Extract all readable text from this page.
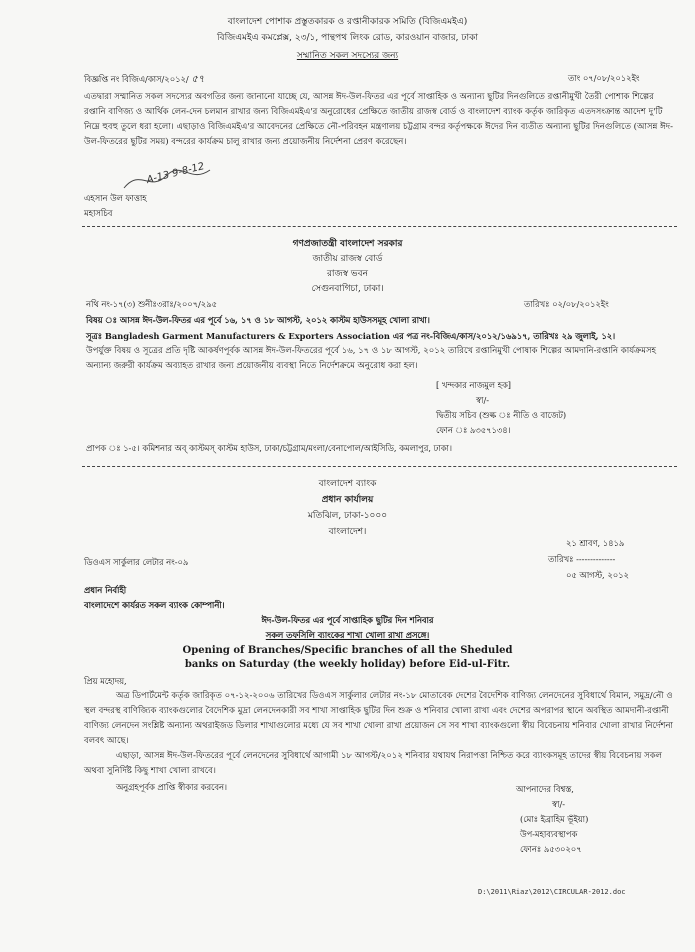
বাংলাদেশ পোশাক প্রস্তুতকারক ও রপ্তানীকারক সমিতি (বিজিএমইএ)
বিজিএমইএ কমপ্লেক্স, ২৩/১, পান্থপথ লিংক রোড, কারওয়ান বাজার, ঢাকা
সম্মানিত সকল সদস্যের জন্য
বিজ্ঞপ্তি নং বিজিএ/কাস/২০১২/ ৫৭	তাং ০৭/০৮/২০১২ইং
এতদ্বারা সম্মানিত সকল সদস্যের অবগতির জন্য জানানো যাচ্ছে যে, আসন্ন ঈদ-উল-ফিতর এর পূর্বে সাপ্তাহিক ও অন্যান্য ছুটির দিনগুলিতে রপ্তানীমুখী তৈরী পোশাক শিল্পের রপ্তানি বাণিজ্য ও আর্থিক লেন-দেন চলমান রাখার জন্য বিজিএমইএ'র অনুরোধের প্রেক্ষিতে জাতীয় রাজস্ব বোর্ড ও বাংলাদেশ ব্যাংক কর্তৃক জারিকৃত এতদসংক্রান্ত আদেশ দু'টি নিম্নে হুবহু তুলে ধরা হলো। এছাড়াও বিজিএমইএ'র আবেদনের প্রেক্ষিতে নৌ-পরিবহন মন্ত্রণালয় চট্টগ্রাম বন্দর কর্তৃপক্ষকে ঈদের দিন ব্যতীত অন্যান্য ছুটির দিনগুলিতে (আসন্ন ঈদ-উল-ফিতরের ছুটির সময়) বন্দরের কার্যক্রম চালু রাখার জন্য প্রয়োজনীয় নির্দেশনা প্রেরণ করেছেন।
A-13 9-8-12
এহসান উল ফাত্তাহ
মহাসচিব
গণপ্রজাতন্ত্রী বাংলাদেশ সরকার
জাতীয় রাজস্ব বোর্ড
রাজস্ব ভবন
সেগুনবাগিচা, ঢাকা।
নথি নং-১৭(৩) শুনীঃ৩রাঃ/২০০৭/২৯৫	তারিখঃ ০২/০৮/২০১২ইং
বিষয় ঃ আসন্ন ঈদ-উল-ফিতর এর পূর্বে ১৬, ১৭ ও ১৮ আগস্ট, ২০১২ কাস্টম হাউসসমূহ খোলা রাখা।
সূত্রঃ Bangladesh Garment Manufacturers & Exporters Association এর পত্র নং-বিজিএ/কাস/২০১২/১৬৯১৭, তারিখঃ ২৯ জুলাই, ১২।
উপর্যুক্ত বিষয় ও সূত্রের প্রতি দৃষ্টি আকর্ষণপূর্বক আসন্ন ঈদ-উল-ফিতরের পূর্বে ১৬, ১৭ ও ১৮ আগস্ট, ২০১২ তারিখে রপ্তানিমুখী পোষাক শিল্পের আমদানি-রপ্তানি কার্যক্রমসহ অন্যান্য জরুরী কার্যক্রম অব্যাহত রাখার জন্য প্রয়োজনীয় ব্যবস্থা নিতে নির্দেশক্রমে অনুরোধ করা হল।
[ খন্দকার নাজমুল হক]
স্বা/-
দ্বিতীয় সচিব (শুল্ক ঃ নীতি ও বাজেট)
ফোন ঃ ৯৩৫৭১৩৪।
প্রাপক ঃ ১-৫। কমিশনার অব্ কাস্টমস্ কাস্টম হাউস, ঢাকা/চট্টগ্রাম/মংলা/বেনাপোল/আইসিডি, কমলাপুর, ঢাকা।
বাংলাদেশ ব্যাংক
প্রধান কার্যালয়
মতিঝিল, ঢাকা-১০০০
বাংলাদেশ।
২১ শ্রাবণ, ১৪১৯
তারিখঃ --------------
০৫ আগস্ট, ২০১২
ডিওএস সার্কুলার লেটার নং-০৯
প্রধান নির্বাহী
বাংলাদেশে কার্যরত সকল ব্যাংক কোম্পানী।
ঈদ-উল-ফিতর এর পূর্বে সাপ্তাহিক ছুটির দিন শনিবার
সকল তফসিলি ব্যাংকের শাখা খোলা রাখা প্রসঙ্গে।
Opening of Branches/Specific branches of all the Sheduled
banks on Saturday (the weekly holiday) before Eid-ul-Fitr.
প্রিয় মহোদয়,
অত্র ডিপার্টমেন্ট কর্তৃক জারিকৃত ০৭-১২-২০০৬ তারিখের ডিওএস সার্কুলার লেটার নং-১৮ মোতাবেক দেশের বৈদেশিক বাণিজ্য লেনদেনের সুবিধার্থে বিমান, সমুদ্র/নৌ ও স্থল বন্দরস্থ বাণিজ্যিক ব্যাংকগুলোর বৈদেশিক মুদ্রা লেনদেনকারী সব শাখা সাপ্তাহিক ছুটির দিন শুক্র ও শনিবার খোলা রাখা এবং দেশের অপরাপর স্থানে অবস্থিত আমদানী-রপ্তানী বাণিজ্য লেনদেন সংশ্লিষ্ট অন্যান্য অথরাইজড ডিলার শাখাগুলোর মধ্যে যে সব শাখা খোলা রাখা প্রয়োজন সে সব শাখা ব্যাংকগুলো স্বীয় বিবেচনায় শনিবার খোলা রাখার নির্দেশনা বলবৎ আছে।
এছাড়া, আসন্ন ঈদ-উল-ফিতরের পূর্বে লেনদেনের সুবিধার্থে আগামী ১৮ আগস্ট/২০১২ শনিবার যথাযথ নিরাপত্তা নিশ্চিত করে ব্যাংকসমূহ তাদের স্বীয় বিবেচনায় সকল অথবা সুনির্দিষ্ট কিছু শাখা খোলা রাখবে।
অনুগ্রহপূর্বক প্রাপ্তি স্বীকার করবেন।	আপনাদের বিশ্বস্ত,
স্বা/-
(মোঃ ইব্রাহিম ভূঁইয়া)
উপ-মহাব্যবস্থাপক
ফোনঃ ৯৫৩০২০৭
D:\2011\Riaz\2012\CIRCULAR-2012.doc
